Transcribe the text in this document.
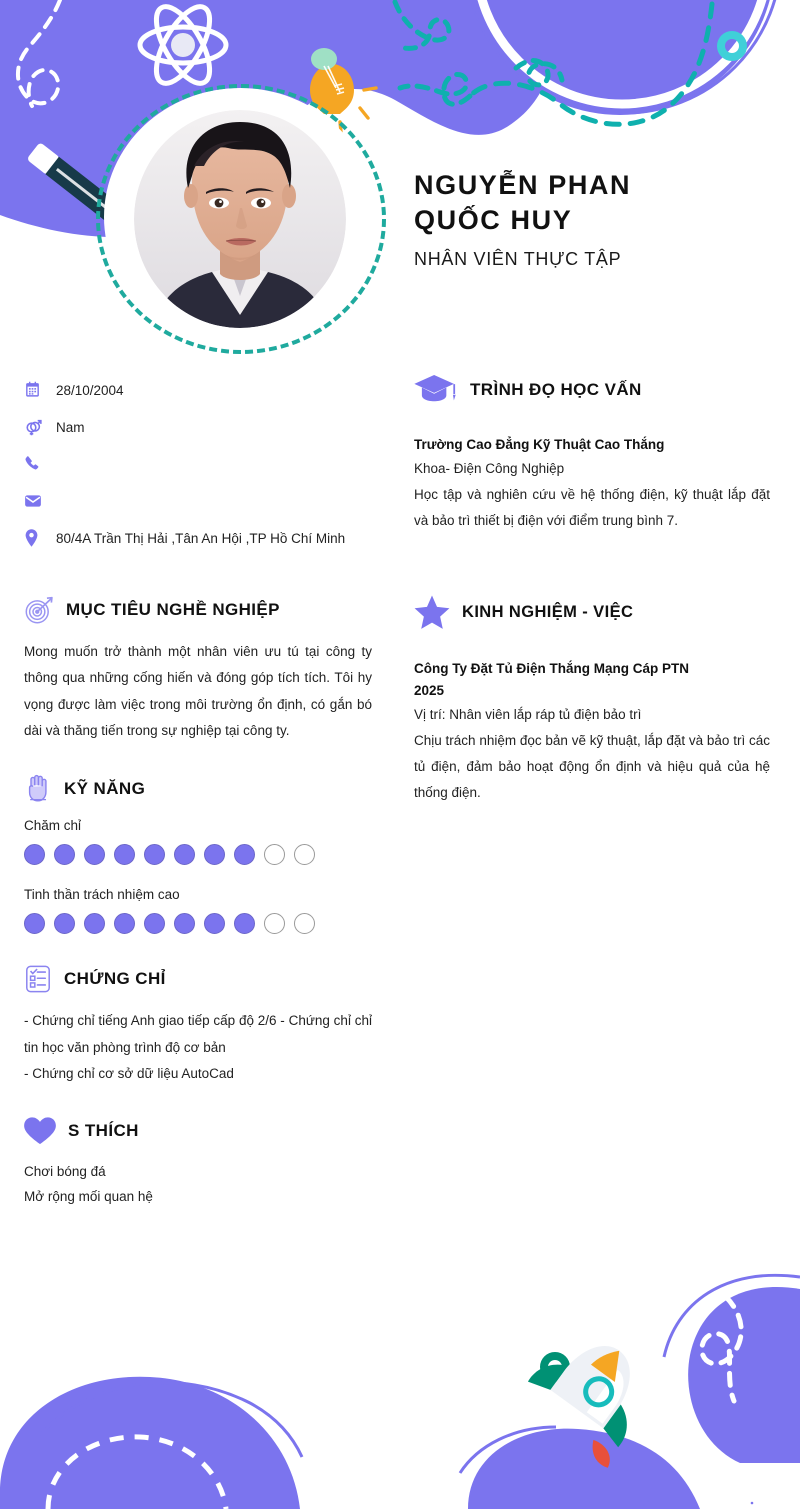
NGUYỄN PHAN
QUỐC HUY
NHÂN VIÊN THỰC TẬP
28/10/2004
Nam
80/4A Trần Thị Hải ,Tân An Hội ,TP Hồ Chí Minh
MỤC TIÊU NGHỀ NGHIỆP
Mong muốn trở thành một nhân viên ưu tú tại công ty thông qua những cống hiến và đóng góp tích tích. Tôi hy vọng được làm việc trong môi trường ổn định, có gắn bó dài và thăng tiến trong sự nghiệp tại công ty.
KỸ NĂNG
Chăm chỉ
Tinh thần trách nhiệm cao
CHỨNG CHỈ
- Chứng chỉ tiếng Anh giao tiếp cấp độ 2/6 - Chứng chỉ chỉ tin học văn phòng trình độ cơ bản
- Chứng chỉ cơ sở dữ liệu AutoCad
S THÍCH
Chơi bóng đá
Mở rộng mối quan hệ
TRÌNH ĐỌ HỌC VẤN
Trường Cao Đẳng Kỹ Thuật Cao Thắng
Khoa- Điện Công Nghiệp
Học tập và nghiên cứu về hệ thống điện, kỹ thuật lắp đặt và bảo trì thiết bị điện với điểm trung bình 7.
KINH NGHIỆM - VIỆC
Công Ty Đặt Tủ Điện Thắng Mạng Cáp PTN
2025
Vị trí: Nhân viên lắp ráp tủ điện bảo trì
Chịu trách nhiệm đọc bản vẽ kỹ thuật, lắp đặt và bảo trì các tủ điện, đảm bảo hoạt động ổn định và hiệu quả của hệ thống điện.
